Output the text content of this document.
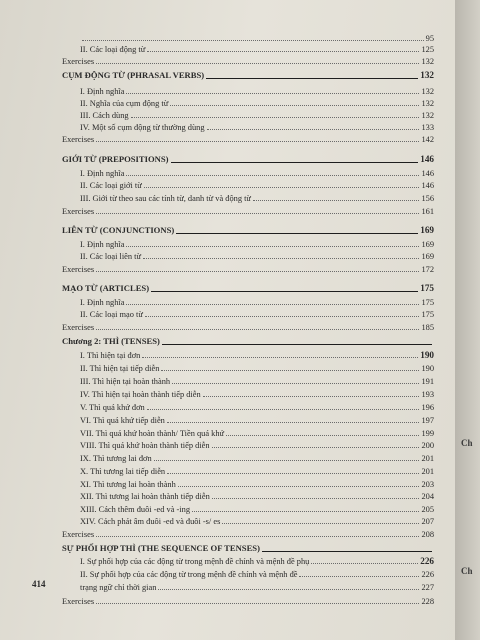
95
II. Các loại động từ	125
Exercises	132
CỤM ĐỘNG TỪ (PHRASAL VERBS)	132
I. Định nghĩa	132
II. Nghĩa của cụm động từ	132
III. Cách dùng	132
IV. Một số cụm động từ thường dùng	133
Exercises	142
GIỚI TỪ (PREPOSITIONS)	146
I. Định nghĩa	146
II. Các loại giới từ	146
III. Giới từ theo sau các tính từ, danh từ và động từ	156
Exercises	161
LIÊN TỪ (CONJUNCTIONS)	169
I. Định nghĩa	169
II. Các loại liên từ	169
Exercises	172
MẠO TỪ (ARTICLES)	175
I. Định nghĩa	175
II. Các loại mạo từ	175
Exercises	185
Chương 2: THÌ (TENSES)
I. Thì hiện tại đơn	190
II. Thì hiện tại tiếp diễn	190
III. Thì hiện tại hoàn thành	191
IV. Thì hiện tại hoàn thành tiếp diễn	193
V. Thì quá khứ đơn	196
VI. Thì quá khứ tiếp diễn	197
VII. Thì quá khứ hoàn thành/ Tiền quá khứ	199
VIII. Thì quá khứ hoàn thành tiếp diễn	200
IX. Thì tương lai đơn	201
X. Thì tương lai tiếp diễn	201
XI. Thì tương lai hoàn thành	203
XII. Thì tương lai hoàn thành tiếp diễn	204
XIII. Cách thêm đuôi -ed và -ing	205
XIV. Cách phát âm đuôi -ed và đuôi -s/ es	207
Exercises	208
SỰ PHỐI HỢP THÌ (THE SEQUENCE OF TENSES)
I. Sự phối hợp của các động từ trong mệnh đề chính và mệnh đề phụ	226
II. Sự phối hợp của các động từ trong mệnh đề chính và mệnh đề	226
trạng ngữ chỉ thời gian	227
Exercises	228
414
Ch
Ch
